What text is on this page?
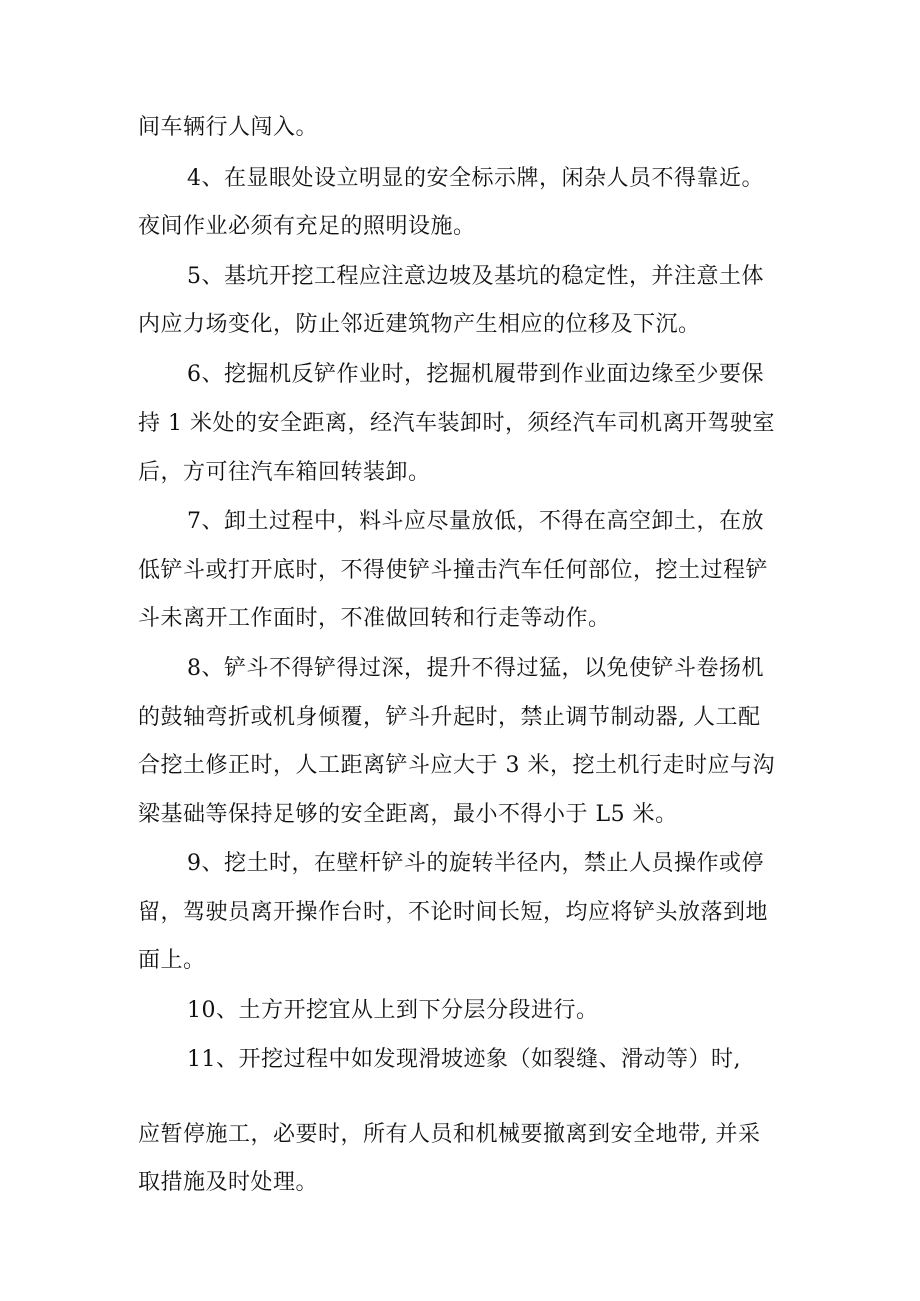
间车辆行人闯入。
4、在显眼处设立明显的安全标示牌，闲杂人员不得靠近。
夜间作业必须有充足的照明设施。
5、基坑开挖工程应注意边坡及基坑的稳定性，并注意土体
内应力场变化，防止邻近建筑物产生相应的位移及下沉。
6、挖掘机反铲作业时，挖掘机履带到作业面边缘至少要保
持 1 米处的安全距离，经汽车装卸时，须经汽车司机离开驾驶室
后，方可往汽车箱回转装卸。
7、卸土过程中，料斗应尽量放低，不得在高空卸土，在放
低铲斗或打开底时，不得使铲斗撞击汽车任何部位，挖土过程铲
斗未离开工作面时，不准做回转和行走等动作。
8、铲斗不得铲得过深，提升不得过猛，以免使铲斗卷扬机
的鼓轴弯折或机身倾覆，铲斗升起时，禁止调节制动器, 人工配
合挖土修正时，人工距离铲斗应大于 3 米，挖土机行走时应与沟
梁基础等保持足够的安全距离，最小不得小于 L5 米。
9、挖土时，在壁杆铲斗的旋转半径内，禁止人员操作或停
留，驾驶员离开操作台时，不论时间长短，均应将铲头放落到地
面上。
10、土方开挖宜从上到下分层分段进行。
11、开挖过程中如发现滑坡迹象（如裂缝、滑动等）时,
应暂停施工，必要时，所有人员和机械要撤离到安全地带, 并采
取措施及时处理。
